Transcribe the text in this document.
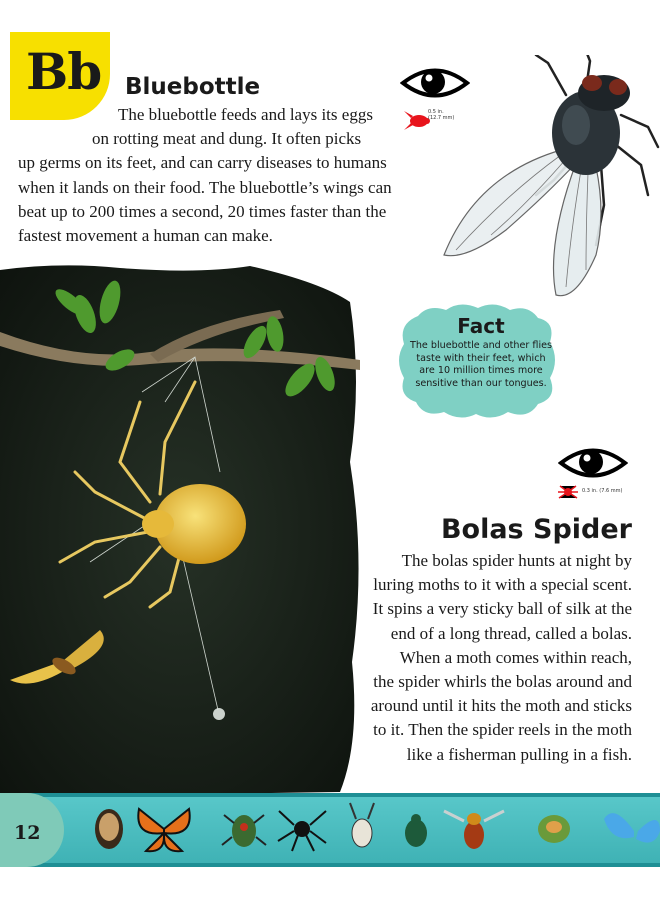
Bb Bluebottle
The bluebottle feeds and lays its eggs
on rotting meat and dung. It often picks
up germs on its feet, and can carry diseases to humans
when it lands on their food. The bluebottle’s wings can
beat up to 200 times a second, 20 times faster than the
fastest movement a human can make.
0.5 in.
(12.7 mm)
Fact
The bluebottle and other flies
taste with their feet, which
are 10 million times more
sensitive than our tongues.
0.3 in. (7.6 mm)
Bolas Spider
The bolas spider hunts at night by
luring moths to it with a special scent.
It spins a very sticky ball of silk at the
end of a long thread, called a bolas.
When a moth comes within reach,
the spider whirls the bolas around and
around until it hits the moth and sticks
to it. Then the spider reels in the moth
like a fisherman pulling in a fish.
12
